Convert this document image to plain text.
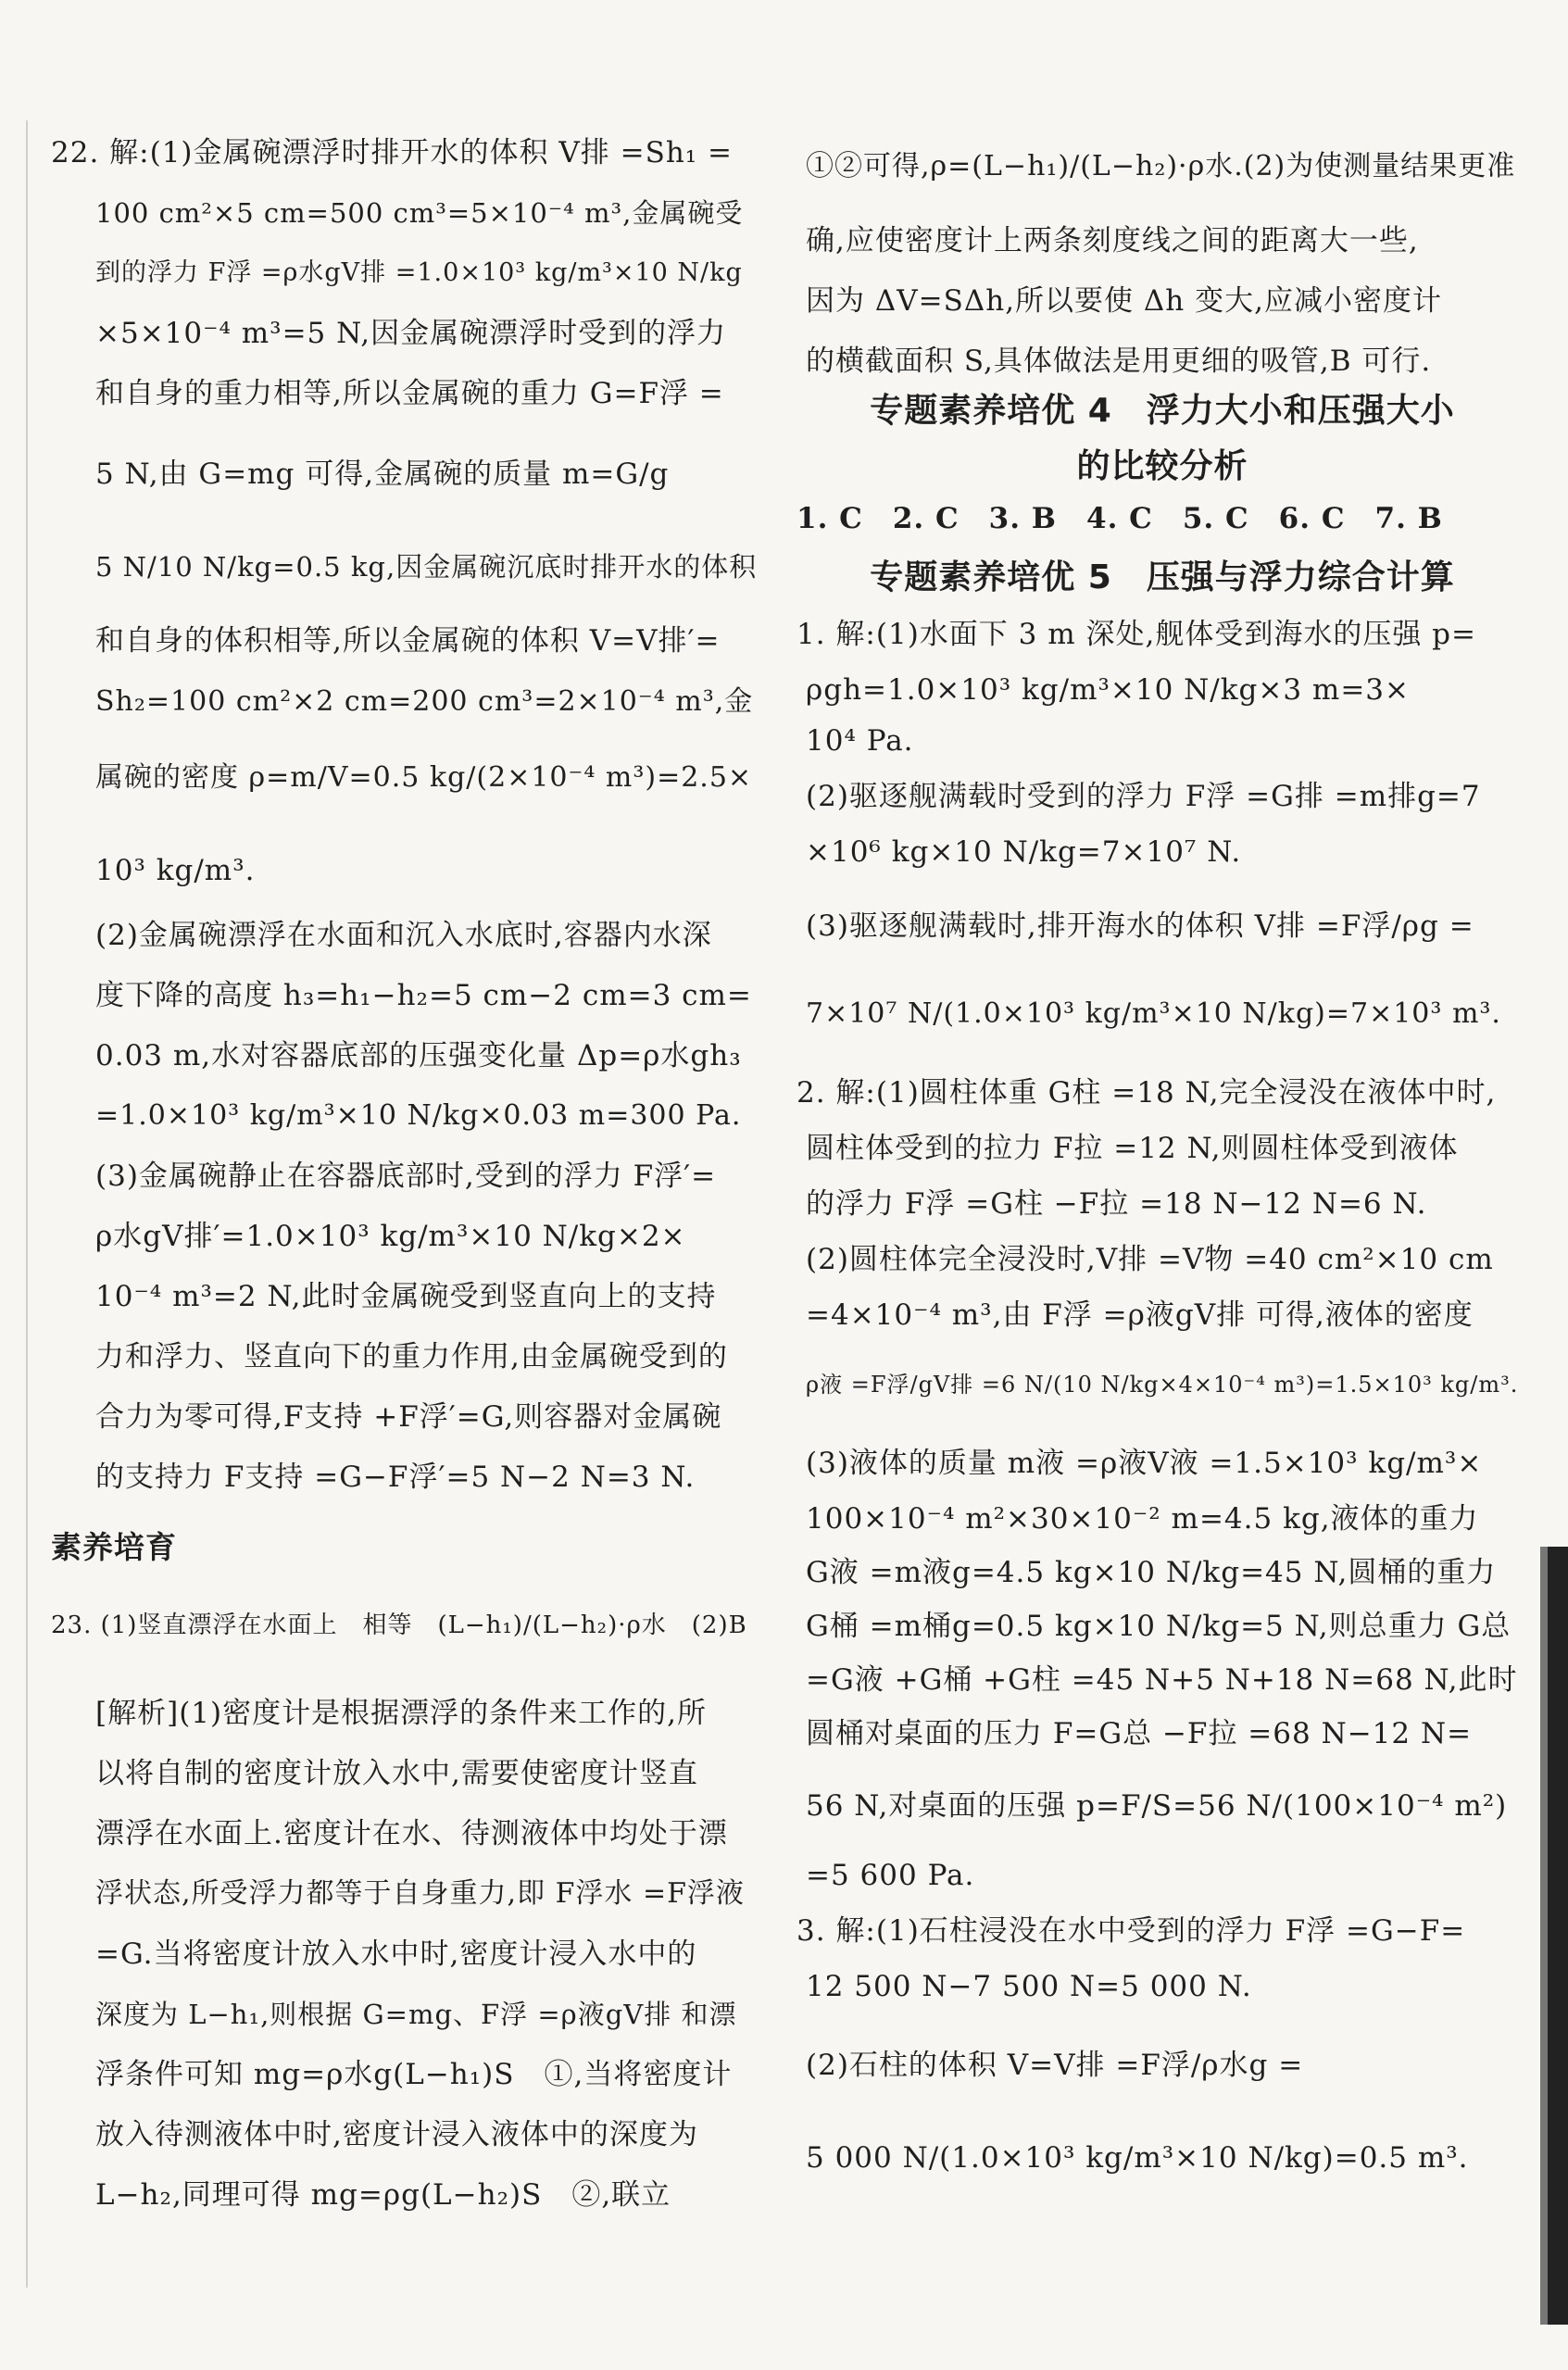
22. 解:(1)金属碗漂浮时排开水的体积 V排 =Sh₁ =
100 cm²×5 cm=500 cm³=5×10⁻⁴ m³,金属碗受
到的浮力 F浮 =ρ水gV排 =1.0×10³ kg/m³×10 N/kg
×5×10⁻⁴ m³=5 N,因金属碗漂浮时受到的浮力
和自身的重力相等,所以金属碗的重力 G=F浮 =
5 N,由 G=mg 可得,金属碗的质量 m=G/g
5 N/10 N/kg=0.5 kg,因金属碗沉底时排开水的体积
和自身的体积相等,所以金属碗的体积 V=V排′=
Sh₂=100 cm²×2 cm=200 cm³=2×10⁻⁴ m³,金
属碗的密度 ρ=m/V=0.5 kg/(2×10⁻⁴ m³)=2.5×
10³ kg/m³.
(2)金属碗漂浮在水面和沉入水底时,容器内水深
度下降的高度 h₃=h₁−h₂=5 cm−2 cm=3 cm=
0.03 m,水对容器底部的压强变化量 Δp=ρ水gh₃
=1.0×10³ kg/m³×10 N/kg×0.03 m=300 Pa.
(3)金属碗静止在容器底部时,受到的浮力 F浮′=
ρ水gV排′=1.0×10³ kg/m³×10 N/kg×2×
10⁻⁴ m³=2 N,此时金属碗受到竖直向上的支持
力和浮力、竖直向下的重力作用,由金属碗受到的
合力为零可得,F支持 +F浮′=G,则容器对金属碗
的支持力 F支持 =G−F浮′=5 N−2 N=3 N.
素养培育
23. (1)竖直漂浮在水面上　相等　(L−h₁)/(L−h₂)·ρ水　(2)B
[解析](1)密度计是根据漂浮的条件来工作的,所
以将自制的密度计放入水中,需要使密度计竖直
漂浮在水面上.密度计在水、待测液体中均处于漂
浮状态,所受浮力都等于自身重力,即 F浮水 =F浮液
=G.当将密度计放入水中时,密度计浸入水中的
深度为 L−h₁,则根据 G=mg、F浮 =ρ液gV排 和漂
浮条件可知 mg=ρ水g(L−h₁)S　①,当将密度计
放入待测液体中时,密度计浸入液体中的深度为
L−h₂,同理可得 mg=ρg(L−h₂)S　②,联立
①②可得,ρ=(L−h₁)/(L−h₂)·ρ水.(2)为使测量结果更准
确,应使密度计上两条刻度线之间的距离大一些,
因为 ΔV=SΔh,所以要使 Δh 变大,应减小密度计
的横截面积 S,具体做法是用更细的吸管,B 可行.
专题素养培优 4　浮力大小和压强大小
的比较分析
1. C　2. C　3. B　4. C　5. C　6. C　7. B
专题素养培优 5　压强与浮力综合计算
1. 解:(1)水面下 3 m 深处,舰体受到海水的压强 p=
ρgh=1.0×10³ kg/m³×10 N/kg×3 m=3×
10⁴ Pa.
(2)驱逐舰满载时受到的浮力 F浮 =G排 =m排g=7
×10⁶ kg×10 N/kg=7×10⁷ N.
(3)驱逐舰满载时,排开海水的体积 V排 =F浮/ρg =
7×10⁷ N/(1.0×10³ kg/m³×10 N/kg)=7×10³ m³.
2. 解:(1)圆柱体重 G柱 =18 N,完全浸没在液体中时,
圆柱体受到的拉力 F拉 =12 N,则圆柱体受到液体
的浮力 F浮 =G柱 −F拉 =18 N−12 N=6 N.
(2)圆柱体完全浸没时,V排 =V物 =40 cm²×10 cm
=4×10⁻⁴ m³,由 F浮 =ρ液gV排 可得,液体的密度
ρ液 =F浮/gV排 =6 N/(10 N/kg×4×10⁻⁴ m³)=1.5×10³ kg/m³.
(3)液体的质量 m液 =ρ液V液 =1.5×10³ kg/m³×
100×10⁻⁴ m²×30×10⁻² m=4.5 kg,液体的重力
G液 =m液g=4.5 kg×10 N/kg=45 N,圆桶的重力
G桶 =m桶g=0.5 kg×10 N/kg=5 N,则总重力 G总
=G液 +G桶 +G柱 =45 N+5 N+18 N=68 N,此时
圆桶对桌面的压力 F=G总 −F拉 =68 N−12 N=
56 N,对桌面的压强 p=F/S=56 N/(100×10⁻⁴ m²)
=5 600 Pa.
3. 解:(1)石柱浸没在水中受到的浮力 F浮 =G−F=
12 500 N−7 500 N=5 000 N.
(2)石柱的体积 V=V排 =F浮/ρ水g =
5 000 N/(1.0×10³ kg/m³×10 N/kg)=0.5 m³.
